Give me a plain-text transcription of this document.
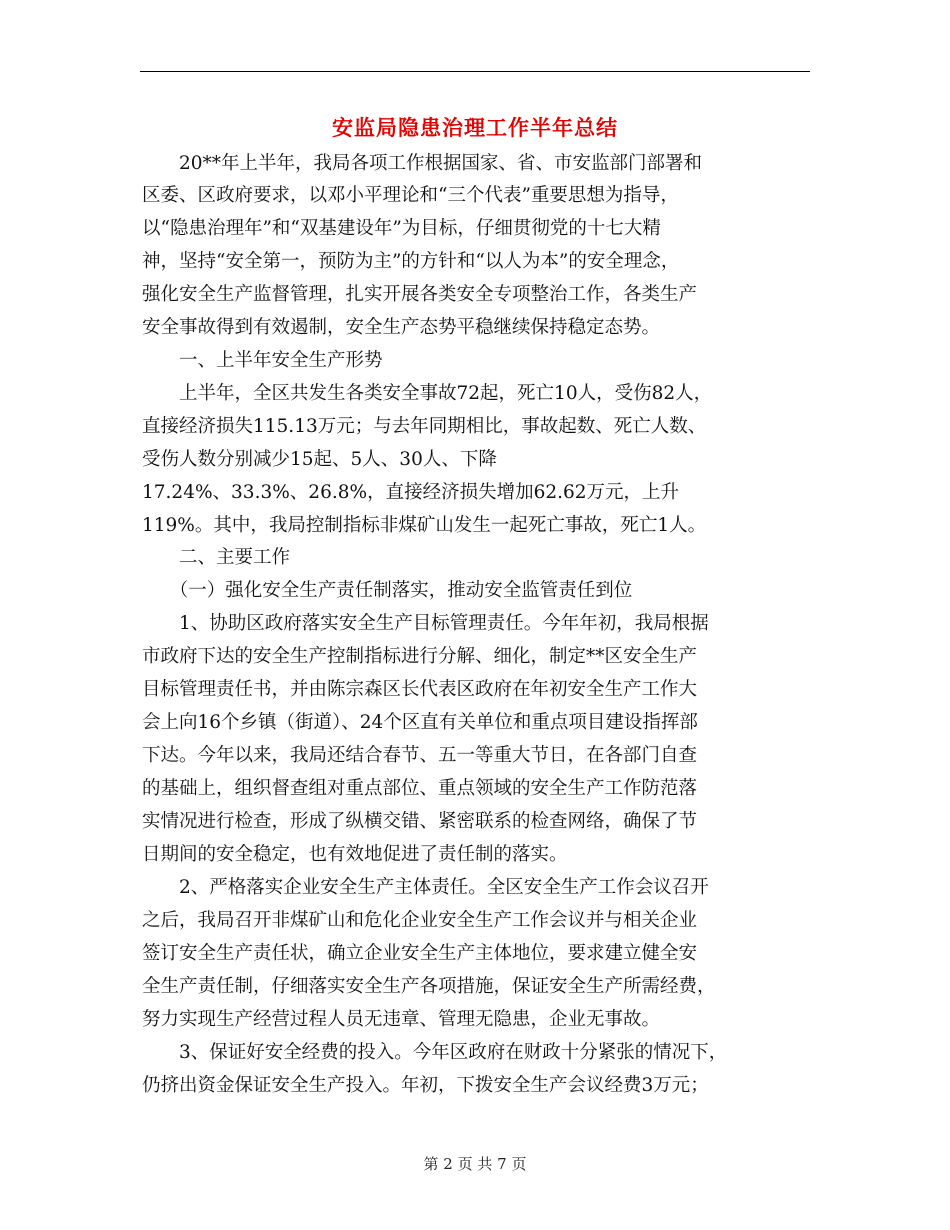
安监局隐患治理工作半年总结
　　20**年上半年，我局各项工作根据国家、省、市安监部门部署和
区委、区政府要求，以邓小平理论和“三个代表”重要思想为指导，
以“隐患治理年”和“双基建设年”为目标，仔细贯彻党的十七大精
神，坚持“安全第一，预防为主”的方针和“以人为本”的安全理念，
强化安全生产监督管理，扎实开展各类安全专项整治工作，各类生产
安全事故得到有效遏制，安全生产态势平稳继续保持稳定态势。
　　一、上半年安全生产形势
　　上半年，全区共发生各类安全事故72起，死亡10人，受伤82人，
直接经济损失115.13万元；与去年同期相比，事故起数、死亡人数、
受伤人数分别减少15起、5人、30人、下降
17.24%、33.3%、26.8%，直接经济损失增加62.62万元，上升
119%。其中，我局控制指标非煤矿山发生一起死亡事故，死亡1人。
　　二、主要工作
　　（一）强化安全生产责任制落实，推动安全监管责任到位
　　1、协助区政府落实安全生产目标管理责任。今年年初，我局根据
市政府下达的安全生产控制指标进行分解、细化，制定**区安全生产
目标管理责任书，并由陈宗森区长代表区政府在年初安全生产工作大
会上向16个乡镇（街道）、24个区直有关单位和重点项目建设指挥部
下达。今年以来，我局还结合春节、五一等重大节日，在各部门自查
的基础上，组织督查组对重点部位、重点领域的安全生产工作防范落
实情况进行检查，形成了纵横交错、紧密联系的检查网络，确保了节
日期间的安全稳定，也有效地促进了责任制的落实。
　　2、严格落实企业安全生产主体责任。全区安全生产工作会议召开
之后，我局召开非煤矿山和危化企业安全生产工作会议并与相关企业
签订安全生产责任状，确立企业安全生产主体地位，要求建立健全安
全生产责任制，仔细落实安全生产各项措施，保证安全生产所需经费，
努力实现生产经营过程人员无违章、管理无隐患，企业无事故。
　　3、保证好安全经费的投入。今年区政府在财政十分紧张的情况下，
仍挤出资金保证安全生产投入。年初，下拨安全生产会议经费3万元；
第 2 页 共 7 页
